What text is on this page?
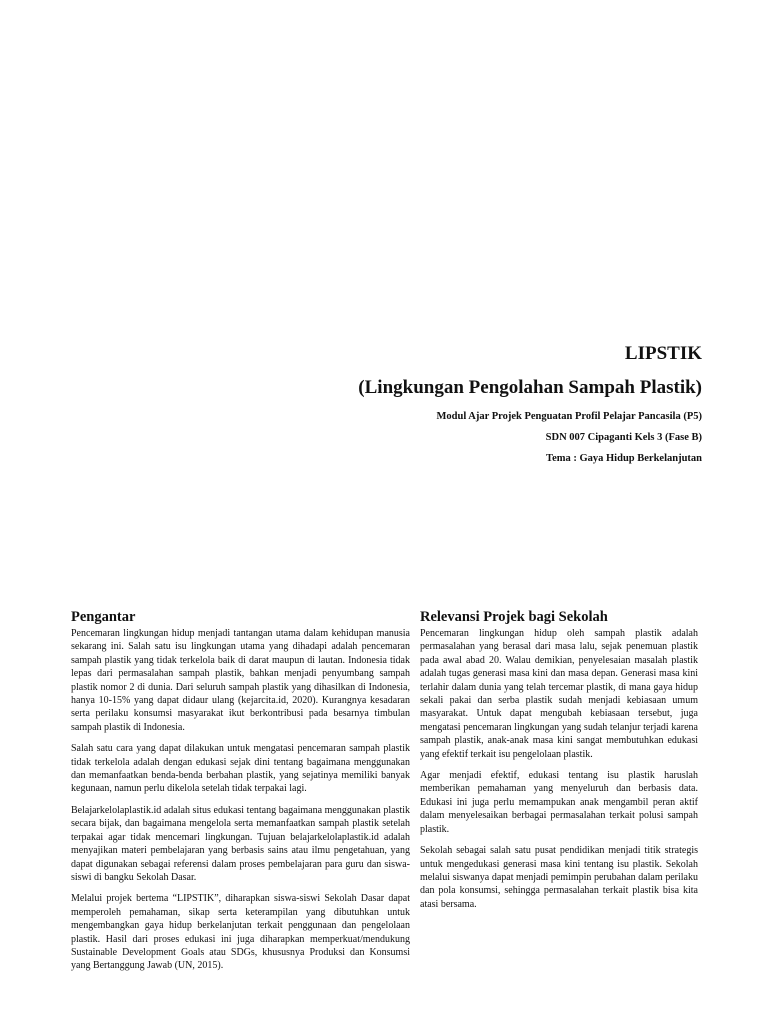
LIPSTIK
(Lingkungan Pengolahan Sampah Plastik)

Modul Ajar Projek Penguatan Profil Pelajar Pancasila (P5)

SDN 007 Cipaganti Kels 3 (Fase B)

Tema : Gaya Hidup Berkelanjutan

Pengantar

Pencemaran lingkungan hidup menjadi tantangan utama dalam kehidupan manusia sekarang ini. Salah satu isu lingkungan utama yang dihadapi adalah pencemaran sampah plastik yang tidak terkelola baik di darat maupun di lautan. Indonesia tidak lepas dari permasalahan sampah plastik, bahkan menjadi penyumbang sampah plastik nomor 2 di dunia. Dari seluruh sampah plastik yang dihasilkan di Indonesia, hanya 10-15% yang dapat didaur ulang (kejarcita.id, 2020). Kurangnya kesadaran serta perilaku konsumsi masyarakat ikut berkontribusi pada besarnya timbulan sampah plastik di Indonesia.

Salah satu cara yang dapat dilakukan untuk mengatasi pencemaran sampah plastik tidak terkelola adalah dengan edukasi sejak dini tentang bagaimana menggunakan dan memanfaatkan benda-benda berbahan plastik, yang sejatinya memiliki banyak kegunaan, namun perlu dikelola setelah tidak terpakai lagi.

Belajarkelolaplastik.id adalah situs edukasi tentang bagaimana menggunakan plastik secara bijak, dan bagaimana mengelola serta memanfaatkan sampah plastik setelah terpakai agar tidak mencemari lingkungan. Tujuan belajarkelolaplastik.id adalah menyajikan materi pembelajaran yang berbasis sains atau ilmu pengetahuan, yang dapat digunakan sebagai referensi dalam proses pembelajaran para guru dan siswa-siswi di bangku Sekolah Dasar.

Melalui projek bertema “LIPSTIK”, diharapkan siswa-siswi Sekolah Dasar dapat memperoleh pemahaman, sikap serta keterampilan yang dibutuhkan untuk mengembangkan gaya hidup berkelanjutan terkait penggunaan dan pengelolaan plastik. Hasil dari proses edukasi ini juga diharapkan memperkuat/mendukung Sustainable Development Goals atau SDGs, khususnya Produksi dan Konsumsi yang Bertanggung Jawab (UN, 2015).

Relevansi Projek bagi Sekolah

Pencemaran lingkungan hidup oleh sampah plastik adalah permasalahan yang berasal dari masa lalu, sejak penemuan plastik pada awal abad 20. Walau demikian, penyelesaian masalah plastik adalah tugas generasi masa kini dan masa depan. Generasi masa kini terlahir dalam dunia yang telah tercemar plastik, di mana gaya hidup sekali pakai dan serba plastik sudah menjadi kebiasaan umum masyarakat. Untuk dapat mengubah kebiasaan tersebut, juga mengatasi pencemaran lingkungan yang sudah telanjur terjadi karena sampah plastik, anak-anak masa kini sangat membutuhkan edukasi yang efektif terkait isu pengelolaan plastik.

Agar menjadi efektif, edukasi tentang isu plastik haruslah memberikan pemahaman yang menyeluruh dan berbasis data. Edukasi ini juga perlu memampukan anak mengambil peran aktif dalam menyelesaikan berbagai permasalahan terkait polusi sampah plastik.

Sekolah sebagai salah satu pusat pendidikan menjadi titik strategis untuk mengedukasi generasi masa kini tentang isu plastik. Sekolah melalui siswanya dapat menjadi pemimpin perubahan dalam perilaku dan pola konsumsi, sehingga permasalahan terkait plastik bisa kita atasi bersama.
